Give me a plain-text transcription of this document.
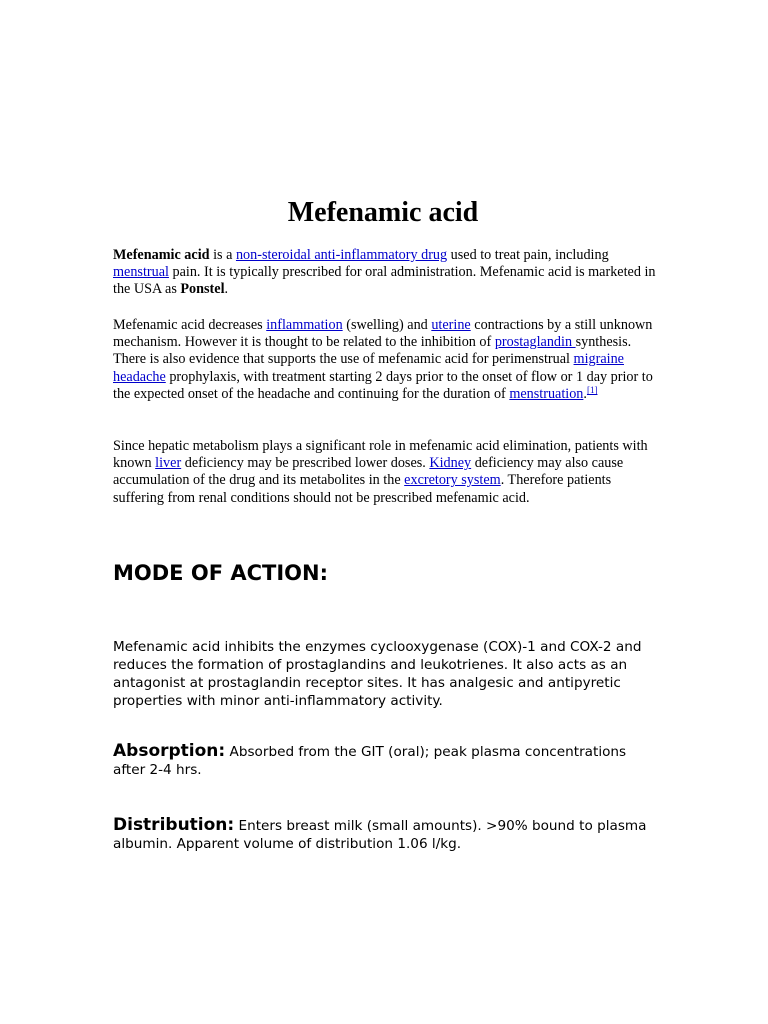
Mefenamic acid

Mefenamic acid is a non-steroidal anti-inflammatory drug used to treat pain, including menstrual pain. It is typically prescribed for oral administration. Mefenamic acid is marketed in the USA as Ponstel.

Mefenamic acid decreases inflammation (swelling) and uterine contractions by a still unknown mechanism. However it is thought to be related to the inhibition of prostaglandin synthesis. There is also evidence that supports the use of mefenamic acid for perimenstrual migraine headache prophylaxis, with treatment starting 2 days prior to the onset of flow or 1 day prior to the expected onset of the headache and continuing for the duration of menstruation.[1]

Since hepatic metabolism plays a significant role in mefenamic acid elimination, patients with known liver deficiency may be prescribed lower doses. Kidney deficiency may also cause accumulation of the drug and its metabolites in the excretory system. Therefore patients suffering from renal conditions should not be prescribed mefenamic acid.

MODE OF ACTION:

Mefenamic acid inhibits the enzymes cyclooxygenase (COX)-1 and COX-2 and reduces the formation of prostaglandins and leukotrienes. It also acts as an antagonist at prostaglandin receptor sites. It has analgesic and antipyretic properties with minor anti-inflammatory activity.

Absorption: Absorbed from the GIT (oral); peak plasma concentrations after 2-4 hrs.

Distribution: Enters breast milk (small amounts). >90% bound to plasma albumin. Apparent volume of distribution 1.06 l/kg.
